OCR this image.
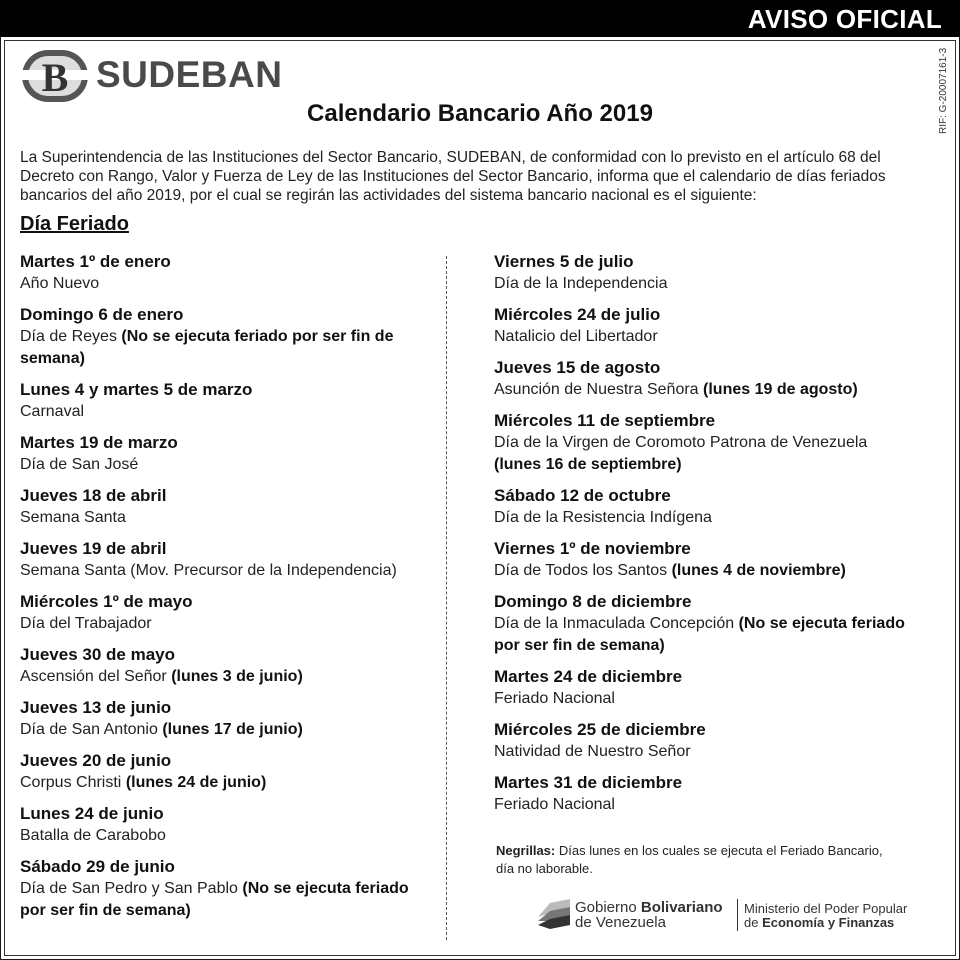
AVISO OFICIAL
B SUDEBAN	RIF: G-20007161-3
Calendario Bancario Año 2019
La Superintendencia de las Instituciones del Sector Bancario, SUDEBAN, de conformidad con lo previsto en el artículo 68 del Decreto con Rango, Valor y Fuerza de Ley de las Instituciones del Sector Bancario, informa que el calendario de días feriados bancarios del año 2019, por el cual se regirán las actividades del sistema bancario nacional es el siguiente:
Día Feriado
Martes 1º de enero
Año Nuevo
Domingo 6 de enero
Día de Reyes (No se ejecuta feriado por ser fin de semana)
Lunes 4 y martes 5 de marzo
Carnaval
Martes 19 de marzo
Día de San José
Jueves 18 de abril
Semana Santa
Jueves 19 de abril
Semana Santa (Mov. Precursor de la Independencia)
Miércoles 1º de mayo
Día del Trabajador
Jueves 30 de mayo
Ascensión del Señor (lunes 3 de junio)
Jueves 13 de junio
Día de San Antonio (lunes 17 de junio)
Jueves 20 de junio
Corpus Christi (lunes 24 de junio)
Lunes 24 de junio
Batalla de Carabobo
Sábado 29 de junio
Día de San Pedro y San Pablo (No se ejecuta feriado por ser fin de semana)
Viernes 5 de julio
Día de la Independencia
Miércoles 24 de julio
Natalicio del Libertador
Jueves 15 de agosto
Asunción de Nuestra Señora (lunes 19 de agosto)
Miércoles 11 de septiembre
Día de la Virgen de Coromoto Patrona de Venezuela (lunes 16 de septiembre)
Sábado 12 de octubre
Día de la Resistencia Indígena
Viernes 1º de noviembre
Día de Todos los Santos (lunes 4 de noviembre)
Domingo 8 de diciembre
Día de la Inmaculada Concepción (No se ejecuta feriado por ser fin de semana)
Martes 24 de diciembre
Feriado Nacional
Miércoles 25 de diciembre
Natividad de Nuestro Señor
Martes 31 de diciembre
Feriado Nacional
Negrillas: Días lunes en los cuales se ejecuta el Feriado Bancario, día no laborable.
Gobierno Bolivariano
de Venezuela
Ministerio del Poder Popular
de Economía y Finanzas
